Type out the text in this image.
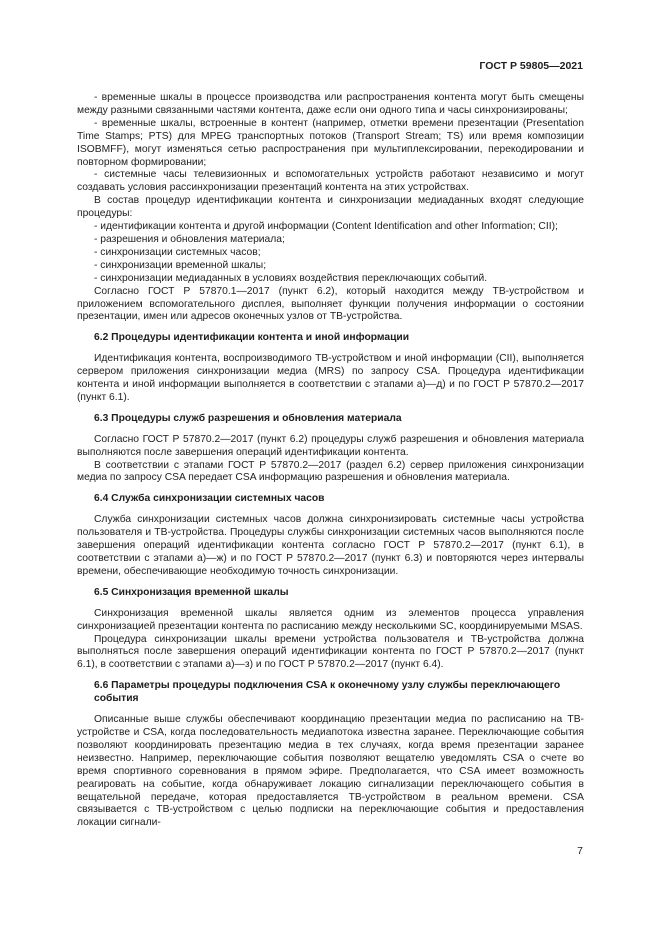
ГОСТ Р 59805—2021

- временные шкалы в процессе производства или распространения контента могут быть смещены между разными связанными частями контента, даже если они одного типа и часы синхронизированы;

- временные шкалы, встроенные в контент (например, отметки времени презентации (Presentation Time Stamps; PTS) для MPEG транспортных потоков (Transport Stream; TS) или время композиции ISOBMFF), могут изменяться сетью распространения при мультиплексировании, перекодировании и повторном формировании;

- системные часы телевизионных и вспомогательных устройств работают независимо и могут создавать условия рассинхронизации презентаций контента на этих устройствах.

В состав процедур идентификации контента и синхронизации медиаданных входят следующие процедуры:

- идентификации контента и другой информации (Content Identification and other Information; CII);

- разрешения и обновления материала;

- синхронизации системных часов;

- синхронизации временной шкалы;

- синхронизации медиаданных в условиях воздействия переключающих событий.

Согласно ГОСТ Р 57870.1—2017 (пункт 6.2), который находится между ТВ-устройством и приложением вспомогательного дисплея, выполняет функции получения информации о состоянии презентации, имен или адресов оконечных узлов от ТВ-устройства.

6.2 Процедуры идентификации контента и иной информации

Идентификация контента, воспроизводимого ТВ-устройством и иной информации (CII), выполняется сервером приложения синхронизации медиа (MRS) по запросу CSA. Процедура идентификации контента и иной информации выполняется в соответствии с этапами а)—д) и по ГОСТ Р 57870.2—2017 (пункт 6.1).

6.3 Процедуры служб разрешения и обновления материала

Согласно ГОСТ Р 57870.2—2017 (пункт 6.2) процедуры служб разрешения и обновления материала выполняются после завершения операций идентификации контента.

В соответствии с этапами ГОСТ Р 57870.2—2017 (раздел 6.2) сервер приложения синхронизации медиа по запросу CSA передает CSA информацию разрешения и обновления материала.

6.4 Служба синхронизации системных часов

Служба синхронизации системных часов должна синхронизировать системные часы устройства пользователя и ТВ-устройства. Процедуры службы синхронизации системных часов выполняются после завершения операций идентификации контента согласно ГОСТ Р 57870.2—2017 (пункт 6.1), в соответствии с этапами а)—ж) и по ГОСТ Р 57870.2—2017 (пункт 6.3) и повторяются через интервалы времени, обеспечивающие необходимую точность синхронизации.

6.5 Синхронизация временной шкалы

Синхронизация временной шкалы является одним из элементов процесса управления синхронизацией презентации контента по расписанию между несколькими SC, координируемыми MSAS.

Процедура синхронизации шкалы времени устройства пользователя и ТВ-устройства должна выполняться после завершения операций идентификации контента по ГОСТ Р 57870.2—2017 (пункт 6.1), в соответствии с этапами а)—з) и по ГОСТ Р 57870.2—2017 (пункт 6.4).

6.6 Параметры процедуры подключения CSA к оконечному узлу службы переключающего события

Описанные выше службы обеспечивают координацию презентации медиа по расписанию на ТВ-устройстве и CSA, когда последовательность медиапотока известна заранее. Переключающие события позволяют координировать презентацию медиа в тех случаях, когда время презентации заранее неизвестно. Например, переключающие события позволяют вещателю уведомлять CSA о счете во время спортивного соревнования в прямом эфире. Предполагается, что CSA имеет возможность реагировать на событие, когда обнаруживает локацию сигнализации переключающего события в вещательной передаче, которая предоставляется ТВ-устройством в реальном времени. CSA связывается с ТВ-устройством с целью подписки на переключающие события и предоставления локации сигнали-

7
